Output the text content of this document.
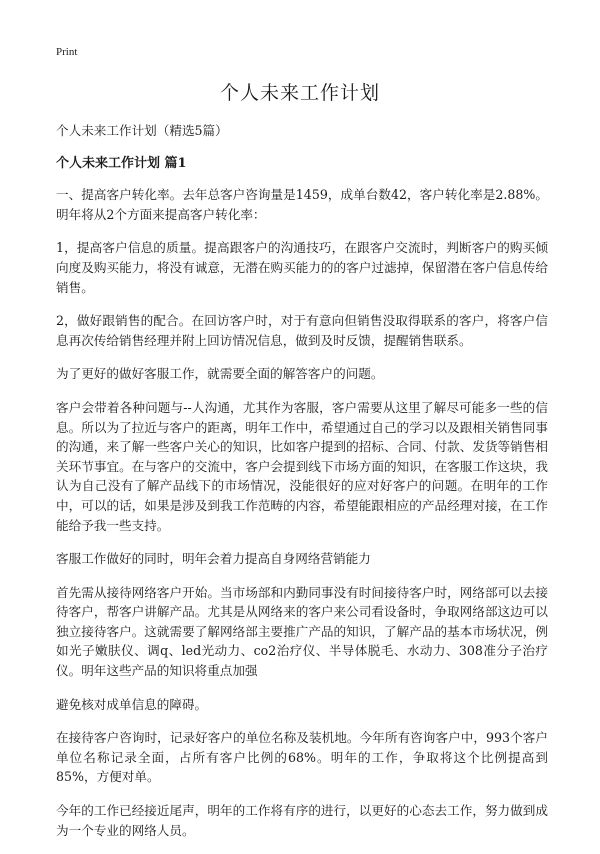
Print
个人未来工作计划

个人未来工作计划（精选5篇）

个人未来工作计划 篇1

一、提高客户转化率。去年总客户咨询量是1459，成单台数42，客户转化率是2.88%。明年将从2个方面来提高客户转化率：

1，提高客户信息的质量。提高跟客户的沟通技巧，在跟客户交流时，判断客户的购买倾向度及购买能力，将没有诚意，无潜在购买能力的的客户过滤掉，保留潜在客户信息传给销售。

2，做好跟销售的配合。在回访客户时，对于有意向但销售没取得联系的客户，将客户信息再次传给销售经理并附上回访情况信息，做到及时反馈，提醒销售联系。

为了更好的做好客服工作，就需要全面的解答客户的问题。

客户会带着各种问题与--人沟通，尤其作为客服，客户需要从这里了解尽可能多一些的信息。所以为了拉近与客户的距离，明年工作中，希望通过自己的学习以及跟相关销售同事的沟通，来了解一些客户关心的知识，比如客户提到的招标、合同、付款、发货等销售相关环节事宜。在与客户的交流中，客户会提到线下市场方面的知识，在客服工作这块，我认为自己没有了解产品线下的市场情况，没能很好的应对好客户的问题。在明年的工作中，可以的话，如果是涉及到我工作范畴的内容，希望能跟相应的产品经理对接，在工作能给予我一些支持。

客服工作做好的同时，明年会着力提高自身网络营销能力

首先需从接待网络客户开始。当市场部和内勤同事没有时间接待客户时，网络部可以去接待客户，帮客户讲解产品。尤其是从网络来的客户来公司看设备时，争取网络部这边可以独立接待客户。这就需要了解网络部主要推广产品的知识，了解产品的基本市场状况，例如光子嫩肤仪、调q、led光动力、co2治疗仪、半导体脱毛、水动力、308准分子治疗仪。明年这些产品的知识将重点加强

避免核对成单信息的障碍。

在接待客户咨询时，记录好客户的单位名称及装机地。今年所有咨询客户中，993个客户单位名称记录全面，占所有客户比例的68%。明年的工作，争取将这个比例提高到85%，方便对单。

今年的工作已经接近尾声，明年的工作将有序的进行，以更好的心态去工作，努力做到成为一个专业的网络人员。
